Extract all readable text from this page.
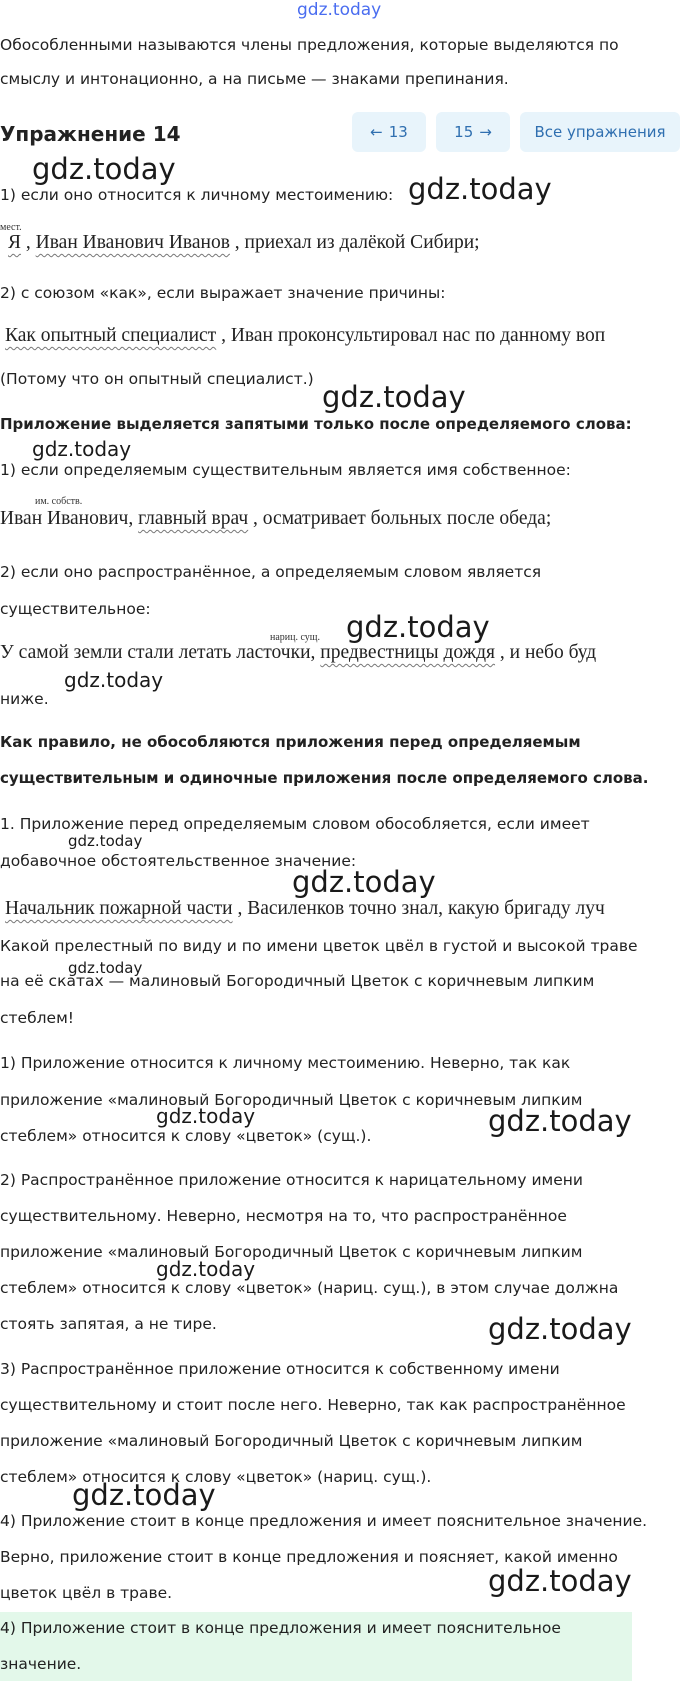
gdz.today
Обособленными называются члены предложения, которые выделяются по
смыслу и интонационно, а на письме — знаками препинания.
Упражнение 14	← 13	15 →	Все упражнения
gdz.today
1) если оно относится к личному местоимению: gdz.today
мест.
Я , Иван Иванович Иванов , приехал из далёкой Сибири;
2) с союзом «как», если выражает значение причины:
Как опытный специалист , Иван проконсультировал нас по данному воп
(Потому что он опытный специалист.)
gdz.today
Приложение выделяется запятыми только после определяемого слова:
gdz.today
1) если определяемым существительным является имя собственное:
им. собств.
Иван Иванович, главный врач , осматривает больных после обеда;
2) если оно распространённое, а определяемым словом является
существительное:
gdz.today
нариц. сущ.
У самой земли стали летать ласточки, предвестницы дождя , и небо буд
gdz.today
ниже.
Как правило, не обособляются приложения перед определяемым
существительным и одиночные приложения после определяемого слова.
1. Приложение перед определяемым словом обособляется, если имеет
gdz.today
добавочное обстоятельственное значение:
gdz.today
Начальник пожарной части , Василенков точно знал, какую бригаду луч
Какой прелестный по виду и по имени цветок цвёл в густой и высокой траве
gdz.today
на её скатах — малиновый Богородичный Цветок с коричневым липким
стеблем!
1) Приложение относится к личному местоимению. Неверно, так как
приложение «малиновый Богородичный Цветок с коричневым липким
gdz.today	gdz.today
стеблем» относится к слову «цветок» (сущ.).
2) Распространённое приложение относится к нарицательному имени
существительному. Неверно, несмотря на то, что распространённое
приложение «малиновый Богородичный Цветок с коричневым липким
gdz.today
стеблем» относится к слову «цветок» (нариц. сущ.), в этом случае должна
gdz.today
стоять запятая, а не тире.
3) Распространённое приложение относится к собственному имени
существительному и стоит после него. Неверно, так как распространённое
приложение «малиновый Богородичный Цветок с коричневым липким
стеблем» относится к слову «цветок» (нариц. сущ.).
gdz.today
4) Приложение стоит в конце предложения и имеет пояснительное значение.
Верно, приложение стоит в конце предложения и поясняет, какой именно
gdz.today
цветок цвёл в траве.
4) Приложение стоит в конце предложения и имеет пояснительное
значение.
